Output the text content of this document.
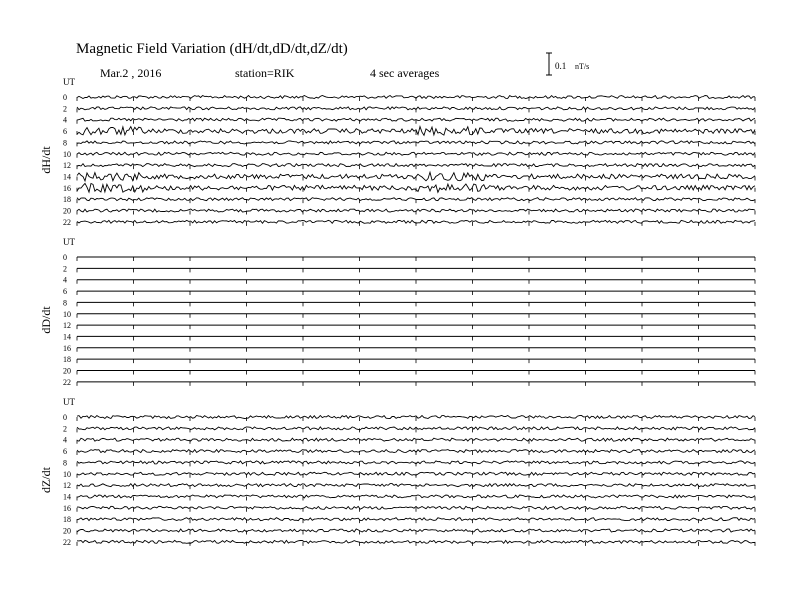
Magnetic Field Variation (dH/dt,dD/dt,dZ/dt)
Mar.2 , 2016	station=RIK	4 sec averages	0.1 nT/s
UT
dH/dt
0
2
4
6
8
10
12
14
16
18
20
22
UT
dD/dt
0
2
4
6
8
10
12
14
16
18
20
22
UT
dZ/dt
0
2
4
6
8
10
12
14
16
18
20
22
